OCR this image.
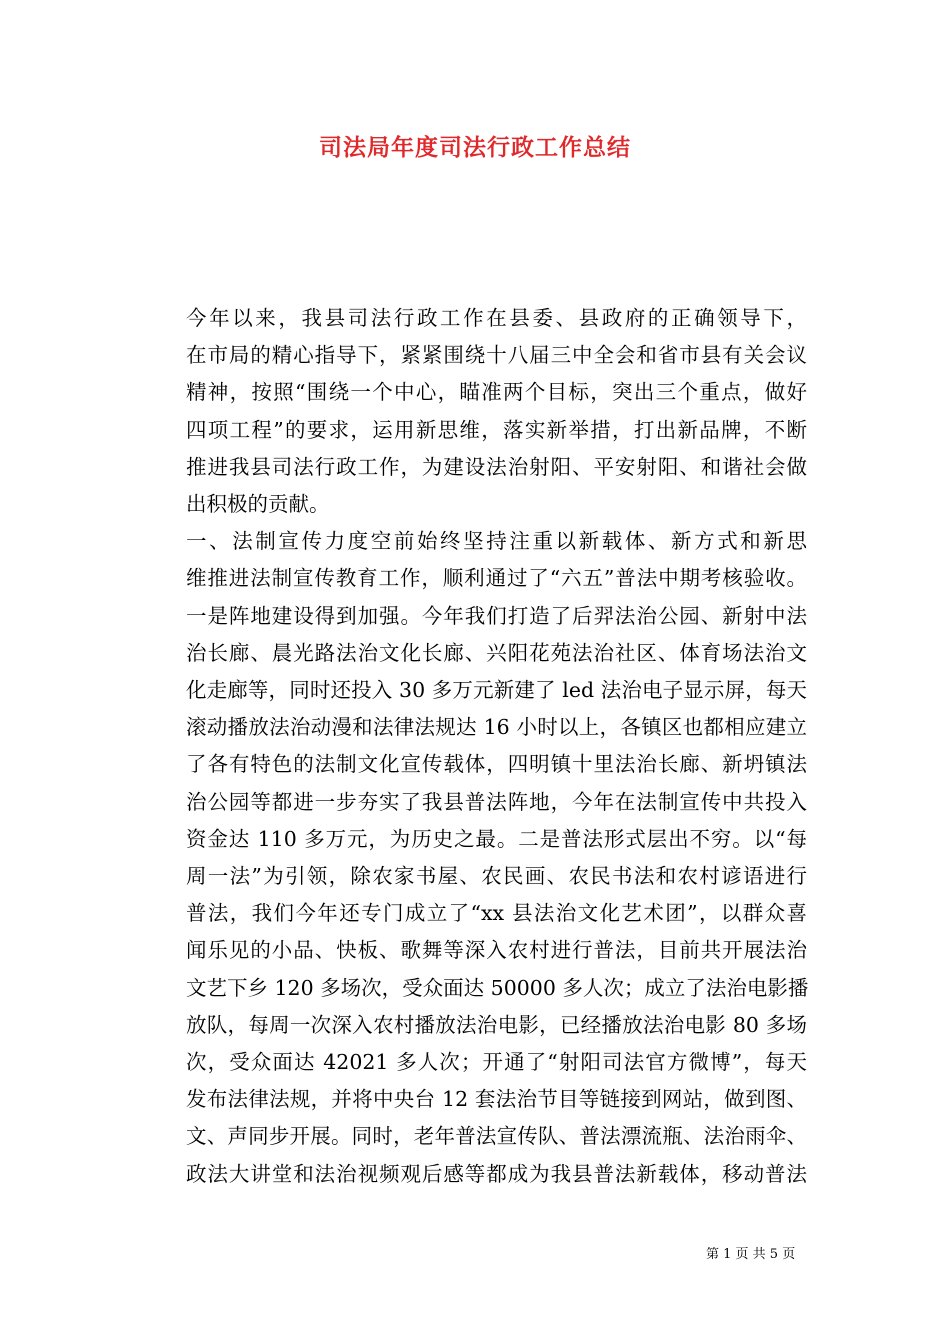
司法局年度司法行政工作总结

今年以来，我县司法行政工作在县委、县政府的正确领导下，
在市局的精心指导下，紧紧围绕十八届三中全会和省市县有关会议
精神，按照“围绕一个中心，瞄准两个目标，突出三个重点，做好
四项工程”的要求，运用新思维，落实新举措，打出新品牌，不断
推进我县司法行政工作，为建设法治射阳、平安射阳、和谐社会做
出积极的贡献。

一、法制宣传力度空前始终坚持注重以新载体、新方式和新思
维推进法制宣传教育工作，顺利通过了“六五”普法中期考核验收。
一是阵地建设得到加强。今年我们打造了后羿法治公园、新射中法
治长廊、晨光路法治文化长廊、兴阳花苑法治社区、体育场法治文
化走廊等，同时还投入 30 多万元新建了 led 法治电子显示屏，每天
滚动播放法治动漫和法律法规达 16 小时以上，各镇区也都相应建立
了各有特色的法制文化宣传载体，四明镇十里法治长廊、新坍镇法
治公园等都进一步夯实了我县普法阵地，今年在法制宣传中共投入
资金达 110 多万元，为历史之最。二是普法形式层出不穷。以“每
周一法”为引领，除农家书屋、农民画、农民书法和农村谚语进行
普法，我们今年还专门成立了“xx 县法治文化艺术团”，以群众喜
闻乐见的小品、快板、歌舞等深入农村进行普法，目前共开展法治
文艺下乡 120 多场次，受众面达 50000 多人次；成立了法治电影播
放队，每周一次深入农村播放法治电影，已经播放法治电影 80 多场
次，受众面达 42021 多人次；开通了“射阳司法官方微博”，每天
发布法律法规，并将中央台 12 套法治节目等链接到网站，做到图、
文、声同步开展。同时，老年普法宣传队、普法漂流瓶、法治雨伞、
政法大讲堂和法治视频观后感等都成为我县普法新载体，移动普法

第 1 页 共 5 页
